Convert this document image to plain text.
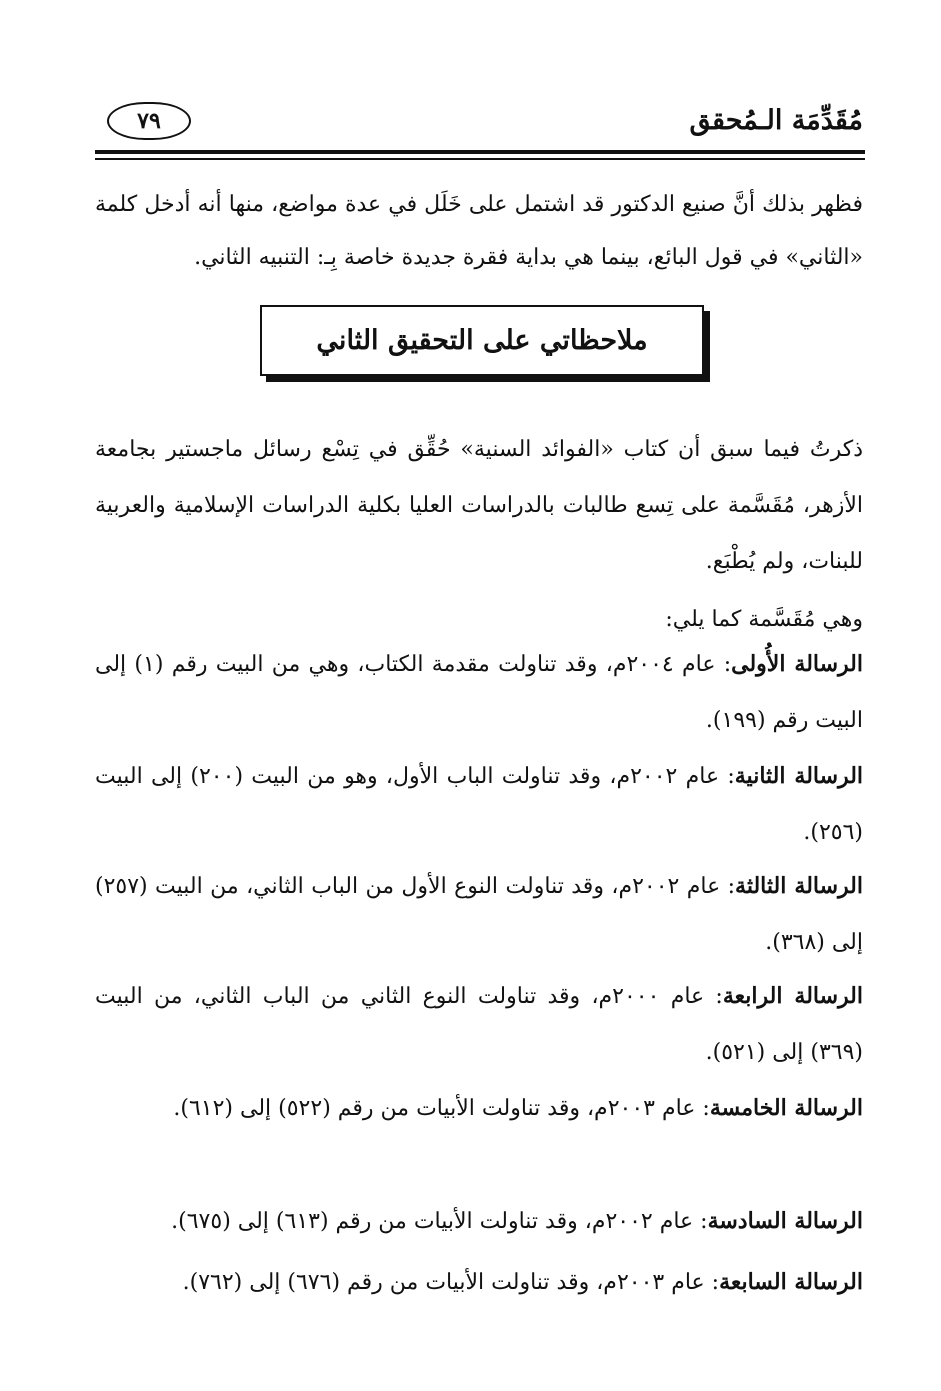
مُقَدِّمَة الـمُحقق
٧٩

فظهر بذلك أنَّ صنيع الدكتور قد اشتمل على خَلَل في عدة مواضع، منها أنه أدخل كلمة «الثاني» في قول البائع، بينما هي بداية فقرة جديدة خاصة بِـ: التنبيه الثاني.

ملاحظاتي على التحقيق الثاني

ذكرتُ فيما سبق أن كتاب «الفوائد السنية» حُقِّق في تِسْع رسائل ماجستير بجامعة الأزهر، مُقَسَّمة على تِسع طالبات بالدراسات العليا بكلية الدراسات الإسلامية والعربية للبنات، ولم يُطْبَع.

وهي مُقَسَّمة كما يلي:

الرسالة الأُولى: عام ٢٠٠٤م، وقد تناولت مقدمة الكتاب، وهي من البيت رقم (١) إلى البيت رقم (١٩٩).

الرسالة الثانية: عام ٢٠٠٢م، وقد تناولت الباب الأول، وهو من البيت (٢٠٠) إلى البيت (٢٥٦).

الرسالة الثالثة: عام ٢٠٠٢م، وقد تناولت النوع الأول من الباب الثاني، من البيت (٢٥٧) إلى (٣٦٨).

الرسالة الرابعة: عام ٢٠٠٠م، وقد تناولت النوع الثاني من الباب الثاني، من البيت (٣٦٩) إلى (٥٢١).

الرسالة الخامسة: عام ٢٠٠٣م، وقد تناولت الأبيات من رقم (٥٢٢) إلى (٦١٢).

الرسالة السادسة: عام ٢٠٠٢م، وقد تناولت الأبيات من رقم (٦١٣) إلى (٦٧٥).

الرسالة السابعة: عام ٢٠٠٣م، وقد تناولت الأبيات من رقم (٦٧٦) إلى (٧٦٢).
